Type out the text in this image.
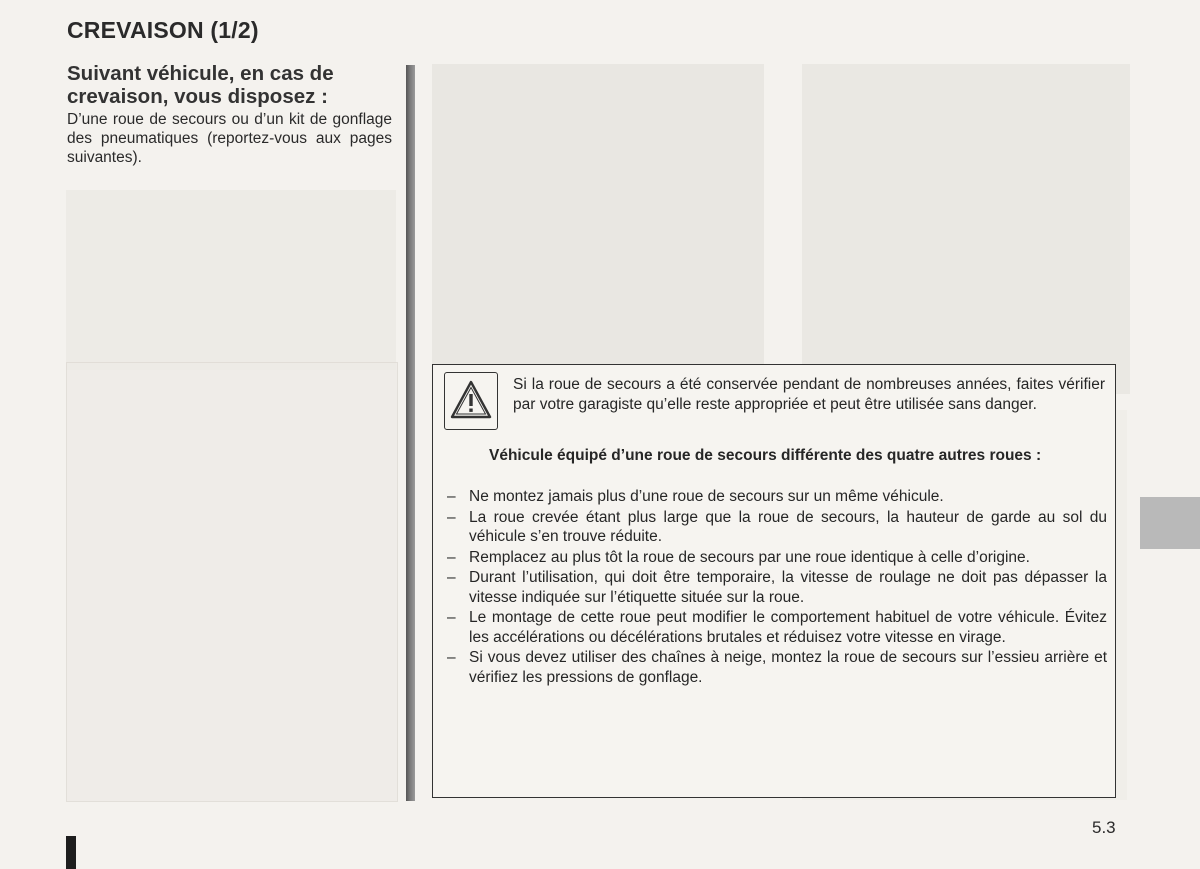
CREVAISON (1/2)
Suivant véhicule, en cas de crevaison, vous disposez :

D’une roue de secours ou d’un kit de gonflage des pneumatiques (reportez-vous aux pages suivantes).

Si la roue de secours a été conservée pendant de nombreuses années, faites vérifier par votre garagiste qu’elle reste appropriée et peut être utilisée sans danger.

Véhicule équipé d’une roue de secours différente des quatre autres roues :

– Ne montez jamais plus d’une roue de secours sur un même véhicule.
– La roue crevée étant plus large que la roue de secours, la hauteur de garde au sol du véhicule s’en trouve réduite.
– Remplacez au plus tôt la roue de secours par une roue identique à celle d’origine.
– Durant l’utilisation, qui doit être temporaire, la vitesse de roulage ne doit pas dépasser la vitesse indiquée sur l’étiquette située sur la roue.
– Le montage de cette roue peut modifier le comportement habituel de votre véhicule. Évitez les accélérations ou décélérations brutales et réduisez votre vitesse en virage.
– Si vous devez utiliser des chaînes à neige, montez la roue de secours sur l’essieu arrière et vérifiez les pressions de gonflage.
5.3
